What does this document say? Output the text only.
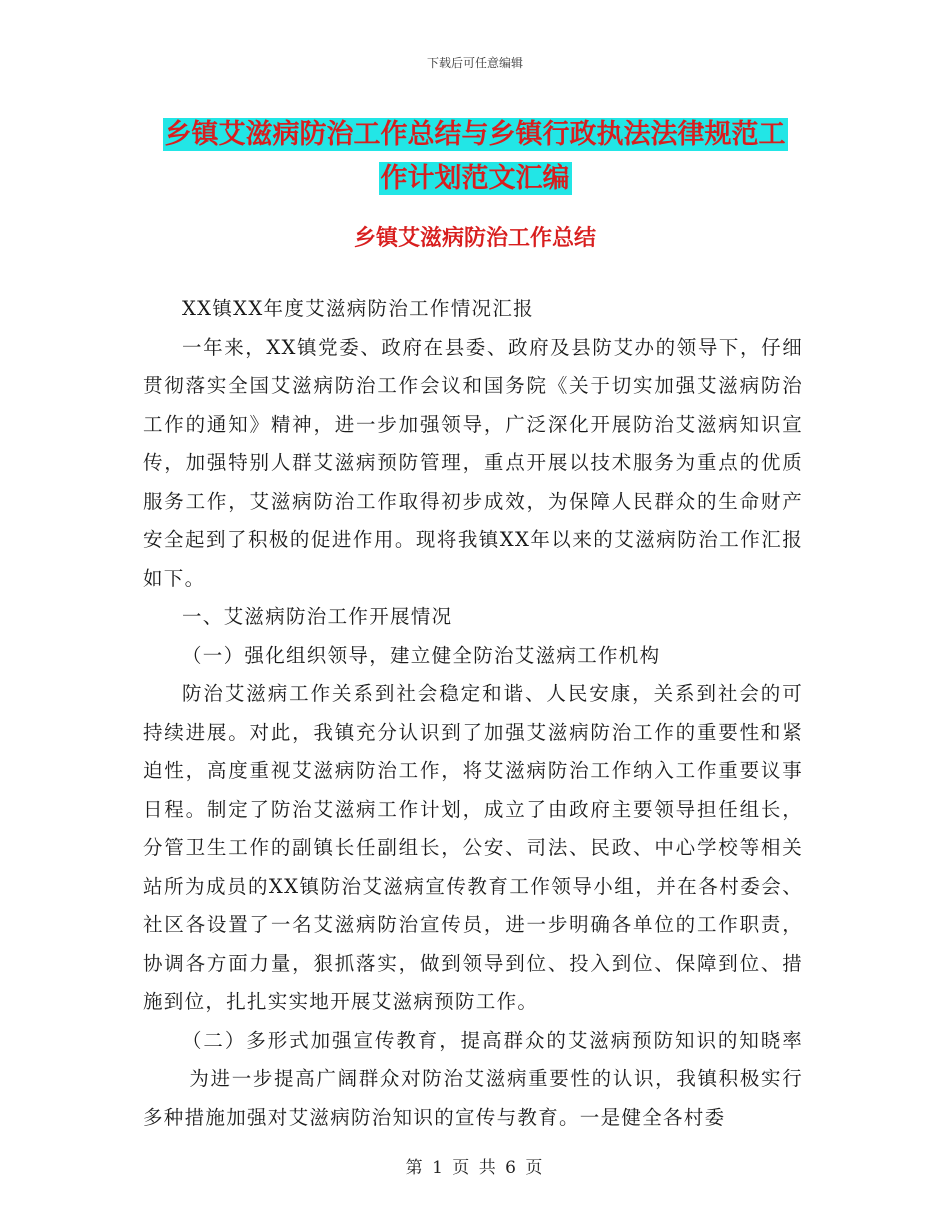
下载后可任意编辑
乡镇艾滋病防治工作总结与乡镇行政执法法律规范工
作计划范文汇编
乡镇艾滋病防治工作总结

XX镇XX年度艾滋病防治工作情况汇报

一年来，XX镇党委、政府在县委、政府及县防艾办的领导下，仔细贯彻落实全国艾滋病防治工作会议和国务院《关于切实加强艾滋病防治工作的通知》精神，进一步加强领导，广泛深化开展防治艾滋病知识宣传，加强特别人群艾滋病预防管理，重点开展以技术服务为重点的优质服务工作，艾滋病防治工作取得初步成效，为保障人民群众的生命财产安全起到了积极的促进作用。现将我镇XX年以来的艾滋病防治工作汇报如下。

一、艾滋病防治工作开展情况

（一）强化组织领导，建立健全防治艾滋病工作机构

防治艾滋病工作关系到社会稳定和谐、人民安康，关系到社会的可持续进展。对此，我镇充分认识到了加强艾滋病防治工作的重要性和紧迫性，高度重视艾滋病防治工作，将艾滋病防治工作纳入工作重要议事日程。制定了防治艾滋病工作计划，成立了由政府主要领导担任组长，分管卫生工作的副镇长任副组长，公安、司法、民政、中心学校等相关站所为成员的XX镇防治艾滋病宣传教育工作领导小组，并在各村委会、社区各设置了一名艾滋病防治宣传员，进一步明确各单位的工作职责，协调各方面力量，狠抓落实，做到领导到位、投入到位、保障到位、措施到位，扎扎实实地开展艾滋病预防工作。

（二）多形式加强宣传教育，提高群众的艾滋病预防知识的知晓率为进一步提高广阔群众对防治艾滋病重要性的认识，我镇积极实行多种措施加强对艾滋病防治知识的宣传与教育。一是健全各村委

第 1 页 共 6 页
